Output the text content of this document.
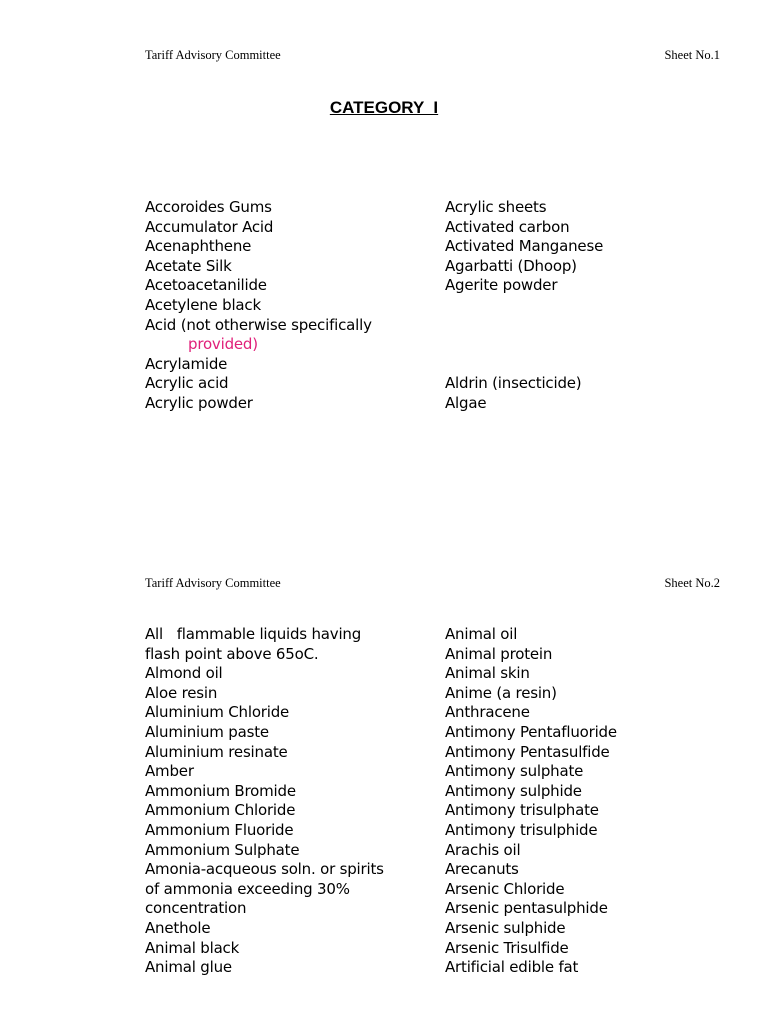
Tariff Advisory Committee	Sheet No.1
CATEGORY  I
Accoroides Gums
Accumulator Acid
Acenaphthene
Acetate Silk
Acetoacetanilide
Acetylene black
Acid (not otherwise specifically
provided)
Acrylamide
Acrylic acid
Acrylic powder
Acrylic sheets
Activated carbon
Activated Manganese
Agarbatti (Dhoop)
Agerite powder
Aldrin (insecticide)
Algae
Tariff Advisory Committee	Sheet No.2
All   flammable liquids having
flash point above 65oC.
Almond oil
Aloe resin
Aluminium Chloride
Aluminium paste
Aluminium resinate
Amber
Ammonium Bromide
Ammonium Chloride
Ammonium Fluoride
Ammonium Sulphate
Amonia-acqueous soln. or spirits
of ammonia exceeding 30%
concentration
Anethole
Animal black
Animal glue
Animal oil
Animal protein
Animal skin
Anime (a resin)
Anthracene
Antimony Pentafluoride
Antimony Pentasulfide
Antimony sulphate
Antimony sulphide
Antimony trisulphate
Antimony trisulphide
Arachis oil
Arecanuts
Arsenic Chloride
Arsenic pentasulphide
Arsenic sulphide
Arsenic Trisulfide
Artificial edible fat
